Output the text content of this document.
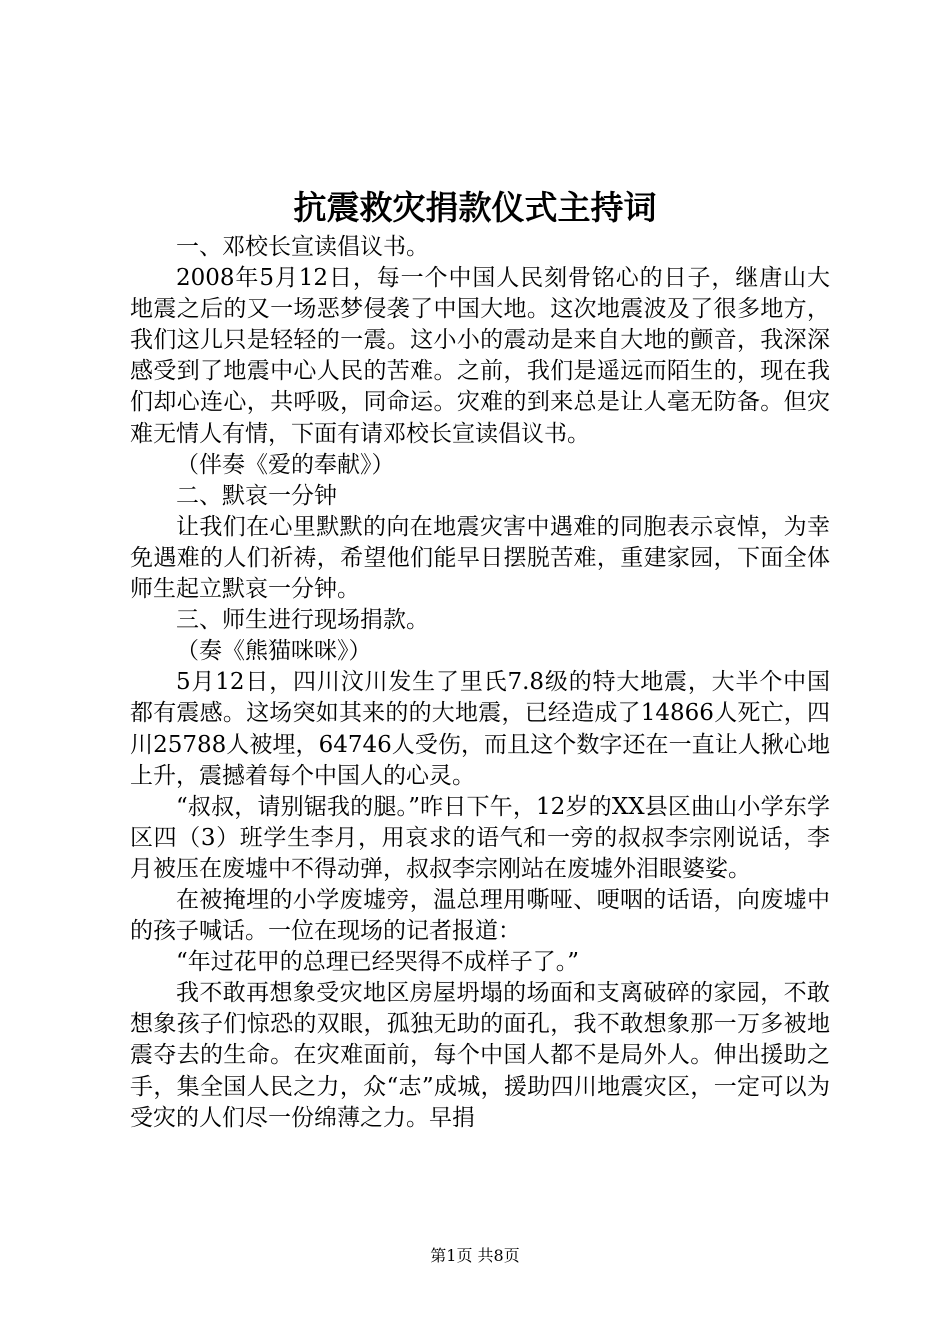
抗震救灾捐款仪式主持词

一、邓校长宣读倡议书。

2008年5月12日，每一个中国人民刻骨铭心的日子，继唐山大地震之后的又一场恶梦侵袭了中国大地。这次地震波及了很多地方，我们这儿只是轻轻的一震。这小小的震动是来自大地的颤音，我深深感受到了地震中心人民的苦难。之前，我们是遥远而陌生的，现在我们却心连心，共呼吸，同命运。灾难的到来总是让人毫无防备。但灾难无情人有情，下面有请邓校长宣读倡议书。

（伴奏《爱的奉献》）

二、默哀一分钟

让我们在心里默默的向在地震灾害中遇难的同胞表示哀悼，为幸免遇难的人们祈祷，希望他们能早日摆脱苦难，重建家园，下面全体师生起立默哀一分钟。

三、师生进行现场捐款。

（奏《熊猫咪咪》）

5月12日，四川汶川发生了里氏7.8级的特大地震，大半个中国都有震感。这场突如其来的的大地震，已经造成了14866人死亡，四川25788人被埋，64746人受伤，而且这个数字还在一直让人揪心地上升，震撼着每个中国人的心灵。

“叔叔，请别锯我的腿。”昨日下午，12岁的XX县区曲山小学东学区四（3）班学生李月，用哀求的语气和一旁的叔叔李宗刚说话，李月被压在废墟中不得动弹，叔叔李宗刚站在废墟外泪眼婆娑。

在被掩埋的小学废墟旁，温总理用嘶哑、哽咽的话语，向废墟中的孩子喊话。一位在现场的记者报道：

“年过花甲的总理已经哭得不成样子了。”

我不敢再想象受灾地区房屋坍塌的场面和支离破碎的家园，不敢想象孩子们惊恐的双眼，孤独无助的面孔，我不敢想象那一万多被地震夺去的生命。在灾难面前，每个中国人都不是局外人。伸出援助之手，集全国人民之力，众“志”成城，援助四川地震灾区，一定可以为受灾的人们尽一份绵薄之力。早捐

第1页 共8页
